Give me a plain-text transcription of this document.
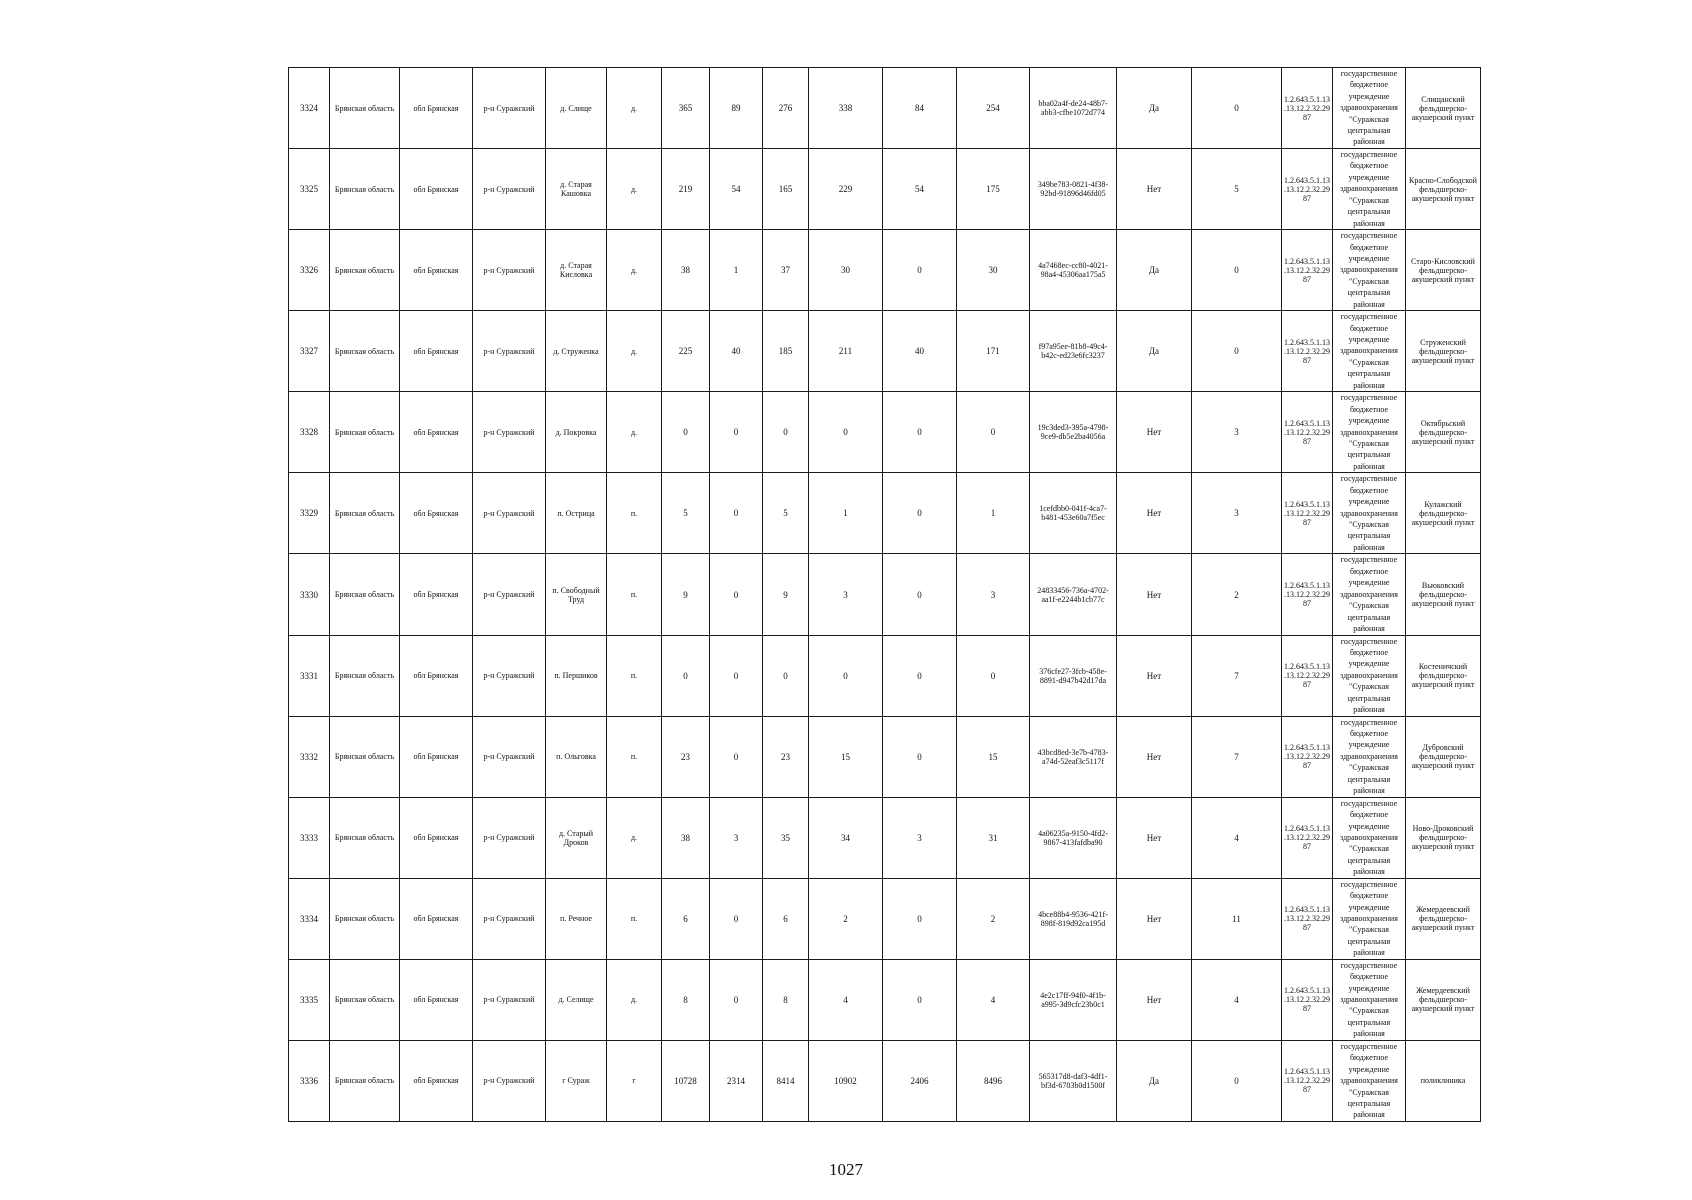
3324	Брянская область	обл Брянская	р-н Суражский	д. Слище	д.	365	89	276	338	84	254	bba02a4f-de24-48b7-abb3-cfbe1072d774	Да	0	1.2.643.5.1.13.13.12.2.32.2987	государственное бюджетное учреждение здравоохранения "Суражская центральная районная	Слищанский фельдшерско-акушерский пункт
3325	Брянская область	обл Брянская	р-н Суражский	д. Старая Кашовка	д.	219	54	165	229	54	175	349be783-0821-4f38-92bd-91896d46fd05	Нет	5	1.2.643.5.1.13.13.12.2.32.2987	государственное бюджетное учреждение здравоохранения "Суражская центральная районная	Красно-Слободской фельдшерско-акушерский пункт
3326	Брянская область	обл Брянская	р-н Суражский	д. Старая Кисловка	д.	38	1	37	30	0	30	4a7468ec-cc80-4021-98a4-45306aa175a5	Да	0	1.2.643.5.1.13.13.12.2.32.2987	государственное бюджетное учреждение здравоохранения "Суражская центральная районная	Старо-Кисловский фельдшерско-акушерский пункт
3327	Брянская область	обл Брянская	р-н Суражский	д. Струженка	д.	225	40	185	211	40	171	f97a95ee-81b8-49c4-b42c-ed23e6fc3237	Да	0	1.2.643.5.1.13.13.12.2.32.2987	государственное бюджетное учреждение здравоохранения "Суражская центральная районная	Струженский фельдшерско-акушерский пункт
3328	Брянская область	обл Брянская	р-н Суражский	д. Покровка	д.	0	0	0	0	0	0	19c3ded3-395a-4798-9ce9-db5e2ba4056a	Нет	3	1.2.643.5.1.13.13.12.2.32.2987	государственное бюджетное учреждение здравоохранения "Суражская центральная районная	Октябрьский фельдшерско-акушерский пункт
3329	Брянская область	обл Брянская	р-н Суражский	п. Острица	п.	5	0	5	1	0	1	1cefdbb0-041f-4ca7-b481-453e60a7f5ec	Нет	3	1.2.643.5.1.13.13.12.2.32.2987	государственное бюджетное учреждение здравоохранения "Суражская центральная районная	Кулажский фельдшерско-акушерский пункт
3330	Брянская область	обл Брянская	р-н Суражский	п. Свободный Труд	п.	9	0	9	3	0	3	24833456-736a-4702-aa1f-e2244b1cb77c	Нет	2	1.2.643.5.1.13.13.12.2.32.2987	государственное бюджетное учреждение здравоохранения "Суражская центральная районная	Вьюковский фельдшерско-акушерский пункт
3331	Брянская область	обл Брянская	р-н Суражский	п. Першиков	п.	0	0	0	0	0	0	376cfe27-3fcb-458e-8891-d947b42d17da	Нет	7	1.2.643.5.1.13.13.12.2.32.2987	государственное бюджетное учреждение здравоохранения "Суражская центральная районная	Костеничский фельдшерско-акушерский пункт
3332	Брянская область	обл Брянская	р-н Суражский	п. Ольговка	п.	23	0	23	15	0	15	43bcd8ed-3e7b-4783-a74d-52eaf3c5117f	Нет	7	1.2.643.5.1.13.13.12.2.32.2987	государственное бюджетное учреждение здравоохранения "Суражская центральная районная	Дубровский фельдшерско-акушерский пункт
3333	Брянская область	обл Брянская	р-н Суражский	д. Старый Дроков	д.	38	3	35	34	3	31	4a06235a-9150-4fd2-9867-413fafdba90	Нет	4	1.2.643.5.1.13.13.12.2.32.2987	государственное бюджетное учреждение здравоохранения "Суражская центральная районная	Ново-Дроковский фельдшерско-акушерский пункт
3334	Брянская область	обл Брянская	р-н Суражский	п. Речное	п.	6	0	6	2	0	2	4bce88b4-9536-421f-898f-819d92ca195d	Нет	11	1.2.643.5.1.13.13.12.2.32.2987	государственное бюджетное учреждение здравоохранения "Суражская центральная районная	Жемердеевский фельдшерско-акушерский пункт
3335	Брянская область	обл Брянская	р-н Суражский	д. Селище	д.	8	0	8	4	0	4	4e2c17ff-94f0-4f1b-a995-3d9cfc23b0c1	Нет	4	1.2.643.5.1.13.13.12.2.32.2987	государственное бюджетное учреждение здравоохранения "Суражская центральная районная	Жемердеевский фельдшерско-акушерский пункт
3336	Брянская область	обл Брянская	р-н Суражский	г Сураж	г	10728	2314	8414	10902	2406	8496	565317d8-daf3-4df1-bf3d-6703b0d1500f	Да	0	1.2.643.5.1.13.13.12.2.32.2987	государственное бюджетное учреждение здравоохранения "Суражская центральная районная	поликлиника
1027
